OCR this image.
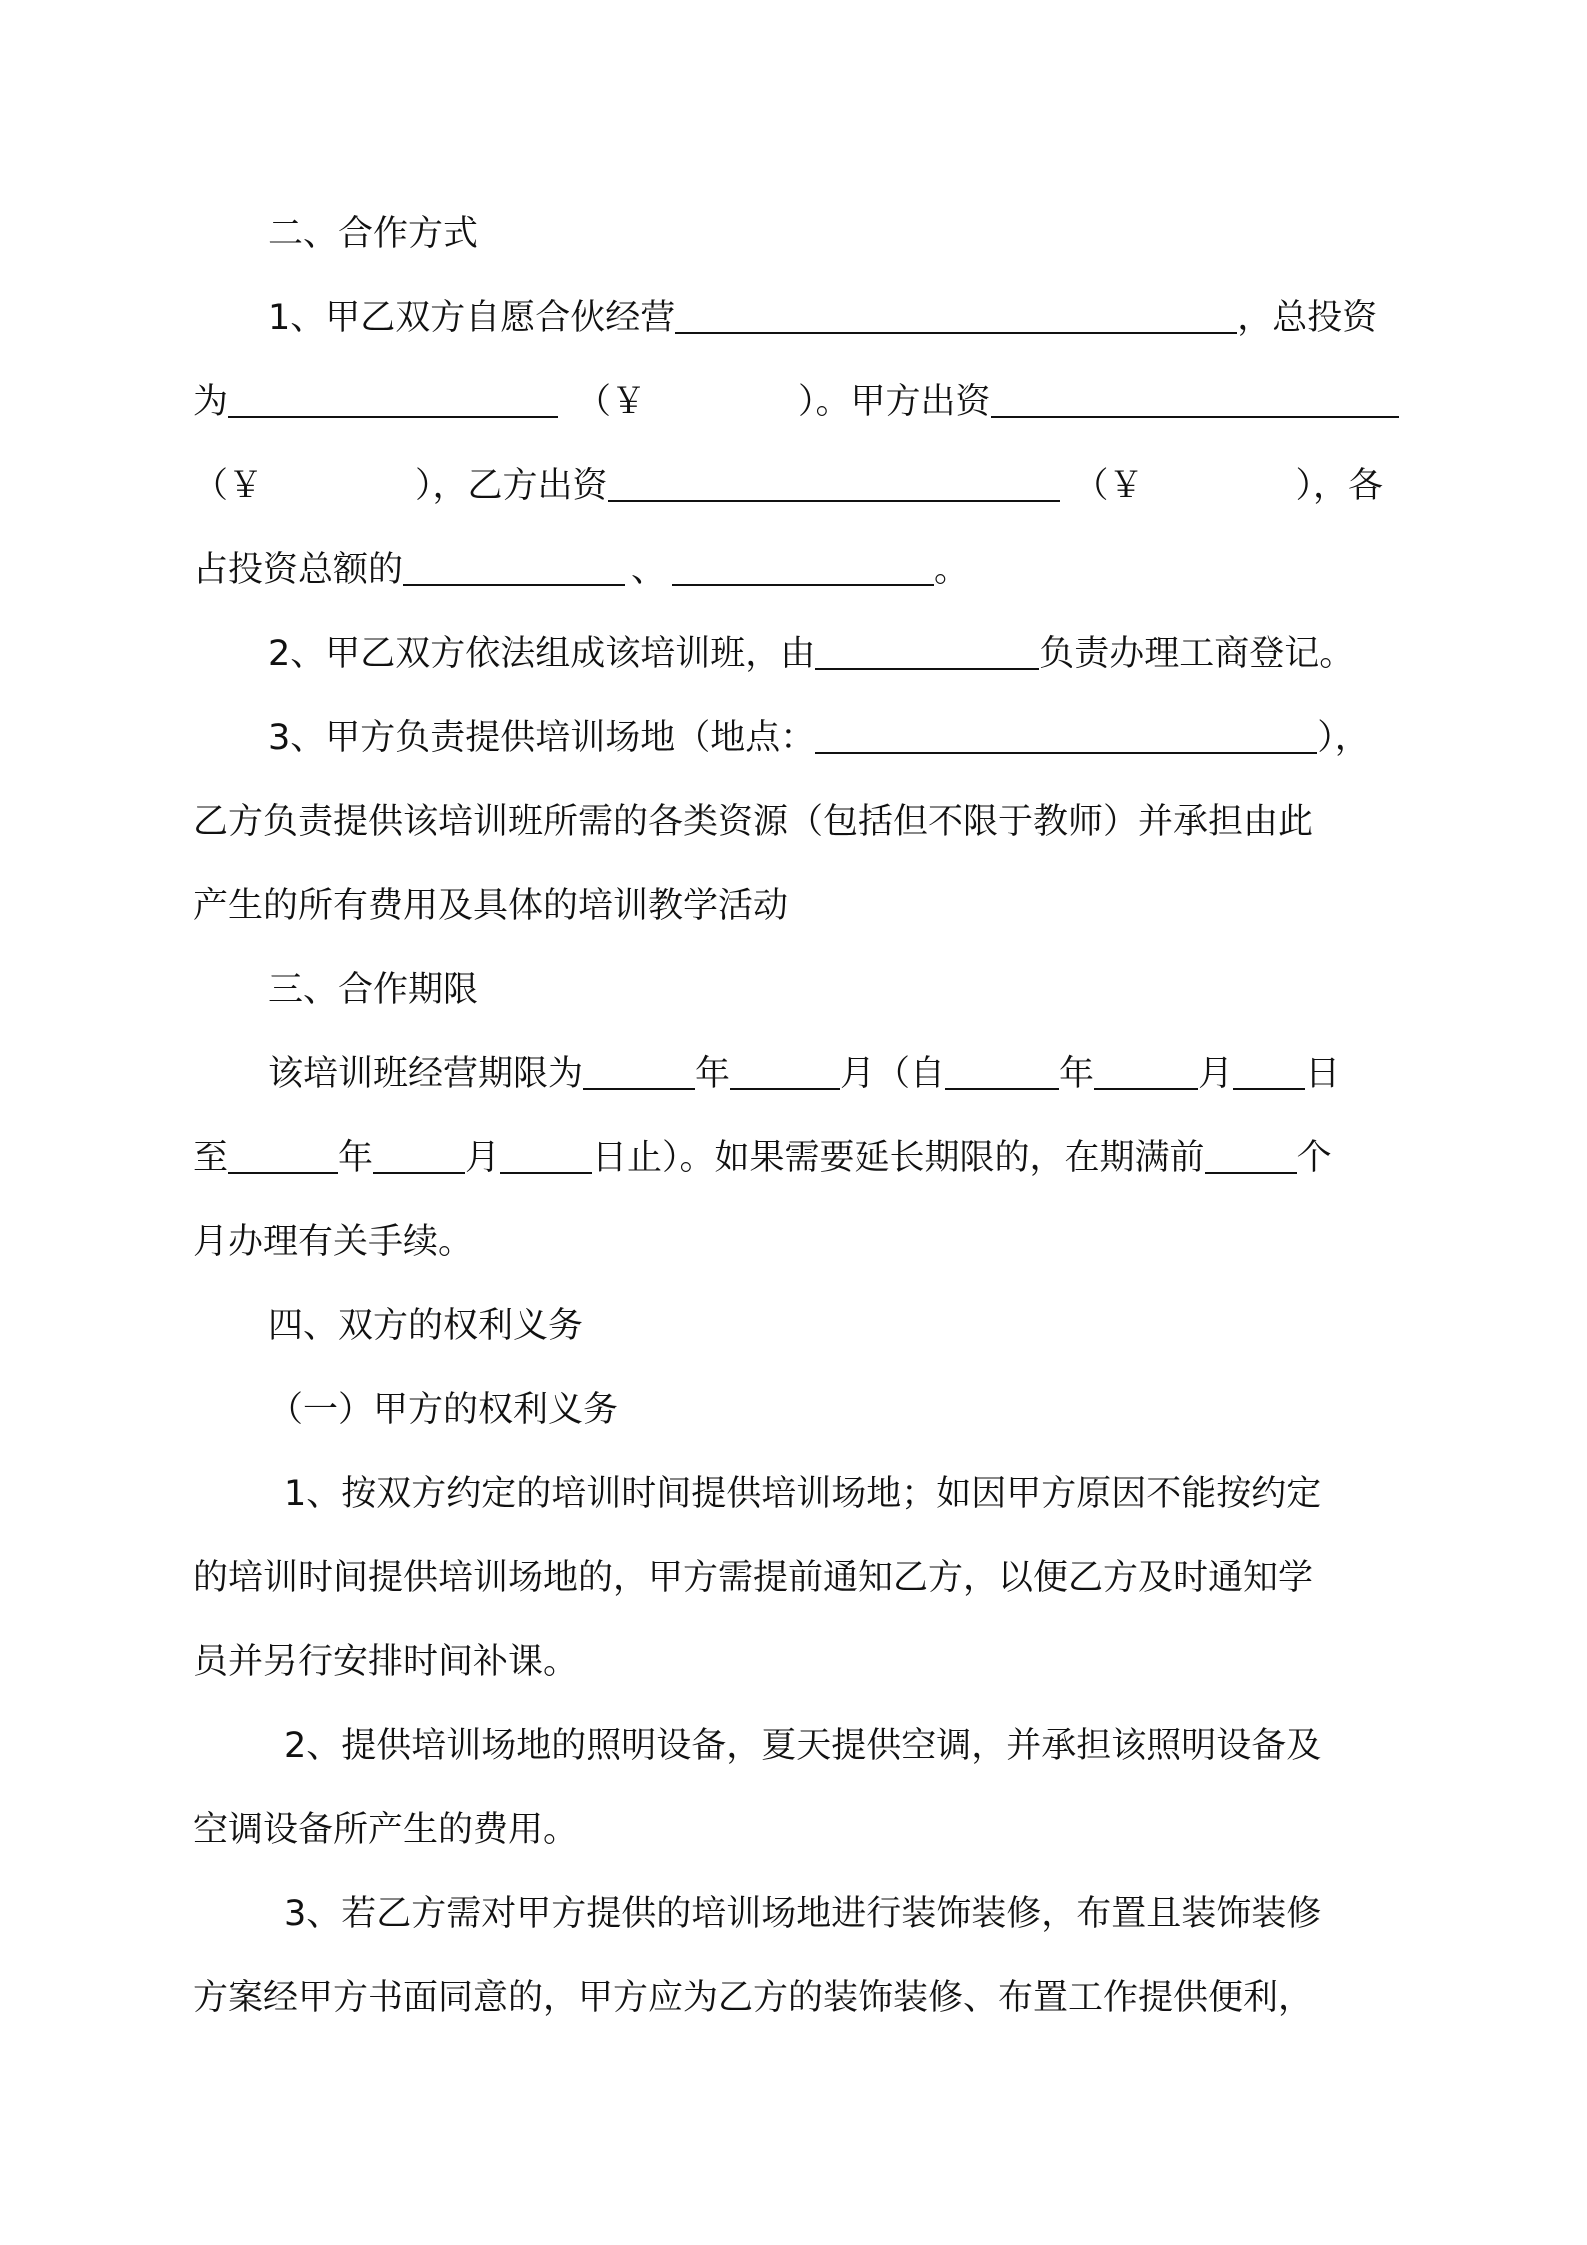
二、合作方式
1、甲乙双方自愿合伙经营	，总投资
为	（￥	）。甲方出资
（￥	），乙方出资	（￥	），各
占投资总额的	、	。
2、甲乙双方依法组成该培训班，由	负责办理工商登记。
3、甲方负责提供培训场地（地点：	），
乙方负责提供该培训班所需的各类资源（包括但不限于教师）并承担由此
产生的所有费用及具体的培训教学活动
三、合作期限
该培训班经营期限为	年	月（自	年	月 日
至	年	月	日止）。如果需要延长期限的，在期满前	个
月办理有关手续。
四、双方的权利义务
（一）甲方的权利义务
1、按双方约定的培训时间提供培训场地；如因甲方原因不能按约定
的培训时间提供培训场地的，甲方需提前通知乙方，以便乙方及时通知学
员并另行安排时间补课。
2、提供培训场地的照明设备，夏天提供空调，并承担该照明设备及
空调设备所产生的费用。
3、若乙方需对甲方提供的培训场地进行装饰装修，布置且装饰装修
方案经甲方书面同意的，甲方应为乙方的装饰装修、布置工作提供便利，
